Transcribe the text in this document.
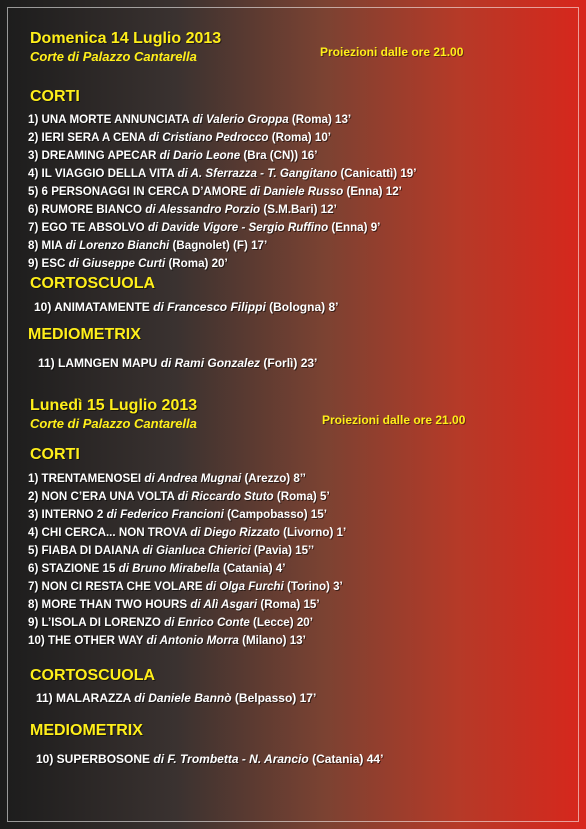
Domenica 14 Luglio 2013
Corte di Palazzo Cantarella	Proiezioni dalle ore 21.00
CORTI
1) UNA MORTE ANNUNCIATA di Valerio Groppa (Roma) 13’
2) IERI SERA A CENA di Cristiano Pedrocco (Roma) 10’
3) DREAMING APECAR di Dario Leone (Bra (CN)) 16’
4) IL VIAGGIO DELLA VITA di A. Sferrazza - T. Gangitano (Canicattì) 19’
5) 6 PERSONAGGI IN CERCA D’AMORE di Daniele Russo (Enna) 12’
6) RUMORE BIANCO di Alessandro Porzio (S.M.Bari) 12’
7) EGO TE ABSOLVO di Davide Vigore - Sergio Ruffino (Enna) 9’
8) MIA di Lorenzo Bianchi (Bagnolet) (F) 17’
9) ESC di Giuseppe Curti (Roma) 20’
CORTOSCUOLA
10) ANIMATAMENTE di Francesco Filippi (Bologna) 8’
MEDIOMETRIX
11) LAMNGEN MAPU di Rami Gonzalez (Forlì) 23’
Lunedì 15 Luglio 2013
Corte di Palazzo Cantarella	Proiezioni dalle ore 21.00
CORTI
1) TRENTAMENOSEI di Andrea Mugnai (Arezzo) 8’’
2) NON C’ERA UNA VOLTA di Riccardo Stuto (Roma) 5’
3) INTERNO 2 di Federico Francioni (Campobasso) 15’
4) CHI CERCA... NON TROVA di Diego Rizzato (Livorno) 1’
5) FIABA DI DAIANA di Gianluca Chierici (Pavia) 15’’
6) STAZIONE 15 di Bruno Mirabella (Catania) 4’
7) NON CI RESTA CHE VOLARE di Olga Furchi (Torino) 3’
8) MORE THAN TWO HOURS di Alì Asgari (Roma) 15’
9) L’ISOLA DI LORENZO di Enrico Conte (Lecce) 20’
10) THE OTHER WAY di Antonio Morra (Milano) 13’
CORTOSCUOLA
11) MALARAZZA di Daniele Bannò (Belpasso) 17’
MEDIOMETRIX
10) SUPERBOSONE di F. Trombetta - N. Arancio (Catania) 44’
